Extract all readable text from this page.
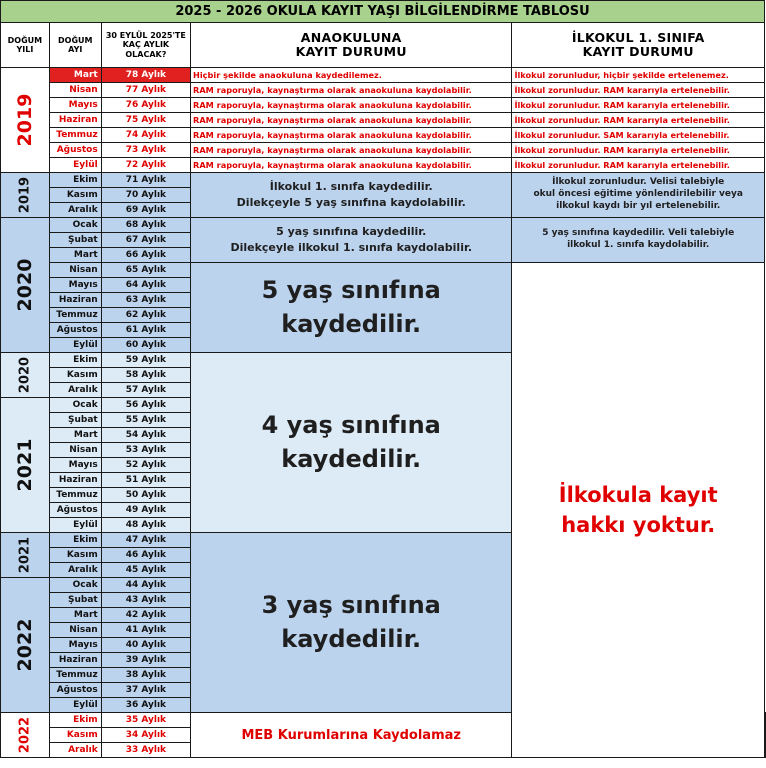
2025 - 2026 OKULA KAYIT YAŞI BİLGİLENDİRME TABLOSU					
DOĞUM YILI	DOĞUM AYI	30 EYLÜL 2025'TE KAÇ AYLIK OLACAK?	ANAOKULUNA
KAYIT DURUMU	İLKOKUL 1. SINIFA
KAYIT DURUMU	

2019	Mart	78 Aylık	Hiçbir şekilde anaokuluna kaydedilemez.	İlkokul zorunludur, hiçbir şekilde ertelenemez.	
	Nisan	77 Aylık	RAM raporuyla, kaynaştırma olarak anaokuluna kaydolabilir.	İlkokul zorunludur. RAM kararıyla ertelenebilir.	
	Mayıs	76 Aylık	RAM raporuyla, kaynaştırma olarak anaokuluna kaydolabilir.	İlkokul zorunludur. RAM kararıyla ertelenebilir.	
	Haziran	75 Aylık	RAM raporuyla, kaynaştırma olarak anaokuluna kaydolabilir.	İlkokul zorunludur. RAM kararıyla ertelenebilir.	
	Temmuz	74 Aylık	RAM raporuyla, kaynaştırma olarak anaokuluna kaydolabilir.	İlkokul zorunludur. SAM kararıyla ertelenebilir.	
	Ağustos	73 Aylık	RAM raporuyla, kaynaştırma olarak anaokuluna kaydolabilir.	İlkokul zorunludur. RAM kararıyla ertelenebilir.	
	Eylül	72 Aylık	RAM raporuyla, kaynaştırma olarak anaokuluna kaydolabilir.	İlkokul zorunludur. RAM kararıyla ertelenebilir.	

2019	Ekim	71 Aylık	İlkokul 1. sınıfa kaydedilir.
Dilekçeyle 5 yaş sınıfına kaydolabilir.	İlkokul zorunludur. Velisi talebiyle
okul öncesi eğitime yönlendirilebilir veya
ilkokul kaydı bir yıl ertelenebilir.	

	Kasım	70 Aylık			
	Aralık	69 Aylık			

2020	Ocak	68 Aylık	5 yaş sınıfına kaydedilir.
Dilekçeyle ilkokul 1. sınıfa kaydolabilir.	5 yaş sınıfına kaydedilir. Veli talebiyle
ilkokul 1. sınıfa kaydolabilir.	

	Şubat	67 Aylık			
	Mart	66 Aylık			
	Nisan	65 Aylık	5 yaş sınıfına
kaydedilir.	İlkokula kayıt
hakkı yoktur.	

	Mayıs	64 Aylık			
	Haziran	63 Aylık			
	Temmuz	62 Aylık			
	Ağustos	61 Aylık			
	Eylül	60 Aylık			

2020	Ekim	59 Aylık	4 yaş sınıfına
kaydedilir.		

	Kasım	58 Aylık			
	Aralık	57 Aylık			

2021	Ocak	56 Aylık			
	Şubat	55 Aylık			
	Mart	54 Aylık			
	Nisan	53 Aylık			
	Mayıs	52 Aylık			
	Haziran	51 Aylık			
	Temmuz	50 Aylık			
	Ağustos	49 Aylık			
	Eylül	48 Aylık			

2021	Ekim	47 Aylık	3 yaş sınıfına
kaydedilir.		

	Kasım	46 Aylık			
	Aralık	45 Aylık			

2022	Ocak	44 Aylık			
	Şubat	43 Aylık			
	Mart	42 Aylık			
	Nisan	41 Aylık			
	Mayıs	40 Aylık			
	Haziran	39 Aylık			
	Temmuz	38 Aylık			
	Ağustos	37 Aylık			
	Eylül	36 Aylık			

2022	Ekim	35 Aylık	MEB Kurumlarına Kaydolamaz		
	Kasım	34 Aylık			
	Aralık	33 Aylık			
